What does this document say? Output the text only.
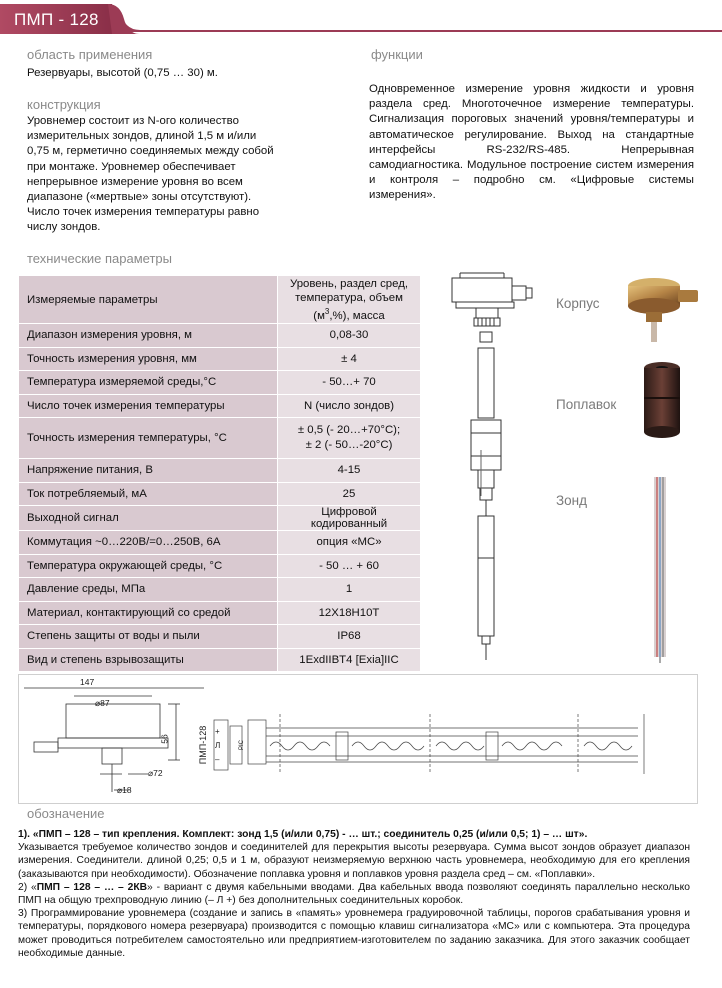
ПМП - 128
область применения
Резервуары, высотой (0,75 … 30) м.
конструкция
Уровнемер состоит из N-ого количество
измерительных зондов, длиной 1,5 м и/или
0,75 м, герметично соединяемых между собой
при монтаже. Уровнемер обеспечивает
непрерывное измерение уровня во всем
диапазоне («мертвые» зоны отсутствуют).
Число точек измерения температуры равно
числу зондов.
функции
Одновременное измерение уровня жидкости и уровня раздела сред. Многоточечное измерение температуры. Сигнализация пороговых значений уровня/температуры и автоматическое регулирование. Выход на стандартные интерфейсы RS-232/RS-485. Непрерывная самодиагностика. Модульное построение систем измерения и контроля – подробно см. «Цифровые системы измерения».
технические параметры
Измеряемые параметры	Уровень, раздел сред, температура, объем $(м^3,\%)$, масса
Диапазон измерения уровня, м	0,08-30
Точность измерения уровня, мм	± 4
Температура измеряемой среды,°С	- 50…+ 70
Число точек измерения температуры	N (число зондов)
Точность измерения температуры, °С	± 0,5 (- 20…+70°С);
± 2 (- 50…-20°С)

Напряжение питания, В	4-15
Ток потребляемый, мА	25
Выходной сигнал	Цифровой кодированный
Коммутация ~0…220В/=0…250В, 6А	опция «МС»
Температура окружающей среды, °С	- 50 … + 60
Давление среды, МПа	1
Материал, контактирующий со средой	12Х18Н10Т
Степень защиты от воды и пыли	IP68
Вид и степень взрывозащиты	1ExdIIBT4 [Exia]IIC
Корпус
Поплавок
Зонд
147
⌀87
56
⌀72
⌀18
ПМП-128 –
Л
+
PIC
обозначение

1). «ПМП – 128 – тип крепления. Комплект: зонд 1,5 (и/или 0,75) - … шт.; соединитель 0,25 (и/или 0,5; 1) – … шт».

Указывается требуемое количество зондов и соединителей для перекрытия высоты резервуара. Сумма высот зондов образует диапазон измерения. Соединители. длиной 0,25; 0,5 и 1 м, образуют неизмеряемую верхнюю часть уровнемера, необходимую для его крепления (заказываются при необходимости). Обозначение поплавка уровня и поплавков уровня раздела сред – см. «Поплавки».

2) «ПМП – 128 – … – 2КВ» - вариант с двумя кабельными вводами. Два кабельных ввода позволяют соединять параллельно несколько ПМП на общую трехпроводную линию (– Л +) без дополнительных соединительных коробок.

3) Программирование уровнемера (создание и запись в «память» уровнемера градуировочной таблицы, порогов срабатывания уровня и температуры, порядкового номера резервуара) производится с помощью клавиш сигнализатора «МС» или с компьютера. Эта процедура может проводиться потребителем самостоятельно или предприятием-изготовителем по заданию заказчика. Для этого заказчик сообщает необходимые данные.
